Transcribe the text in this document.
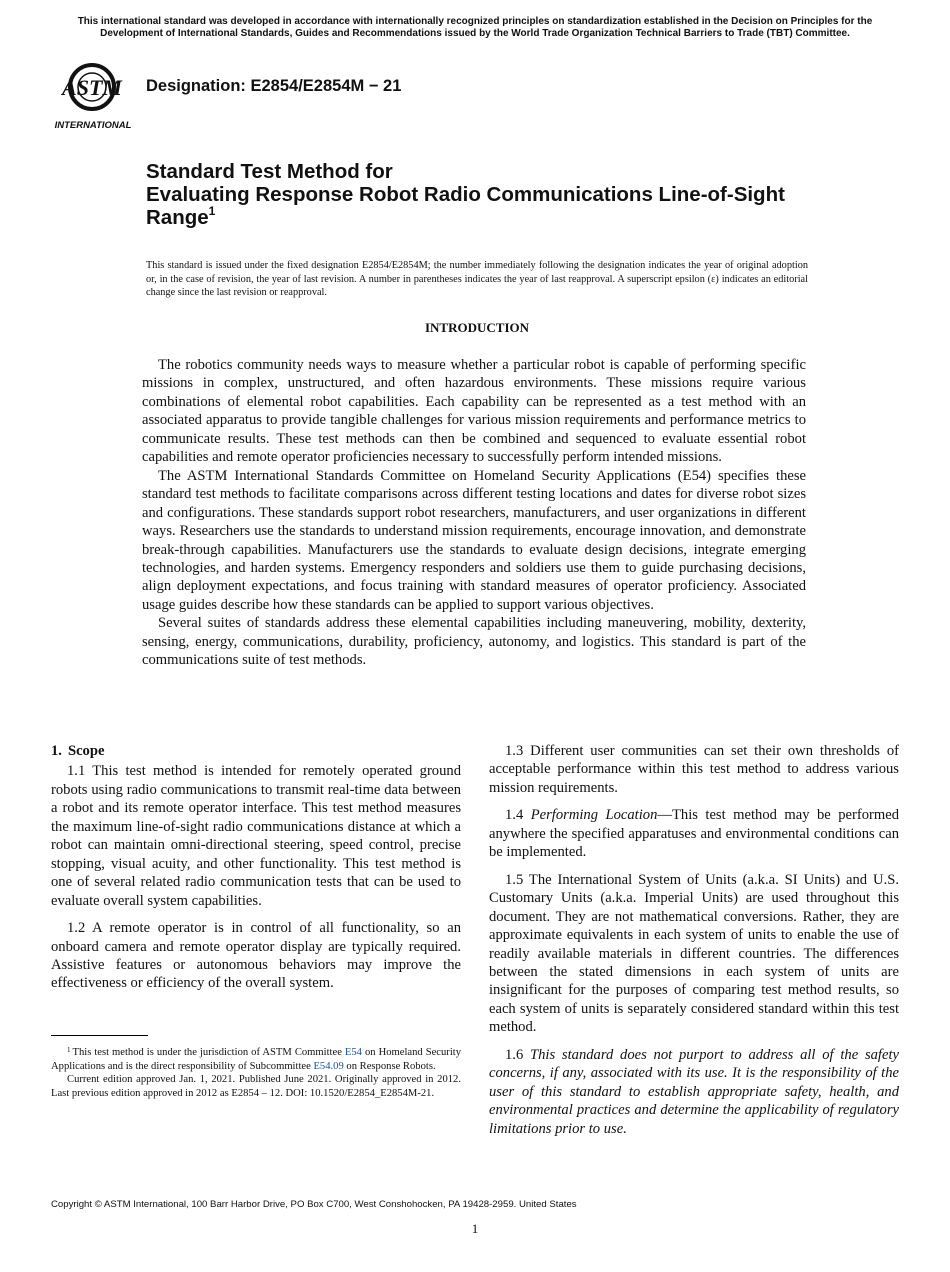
This international standard was developed in accordance with internationally recognized principles on standardization established in the Decision on Principles for the Development of International Standards, Guides and Recommendations issued by the World Trade Organization Technical Barriers to Trade (TBT) Committee.
ASTM
INTERNATIONAL
Designation: E2854/E2854M − 21
Standard Test Method for
Evaluating Response Robot Radio Communications Line-of-Sight Range$^1$
This standard is issued under the fixed designation E2854/E2854M; the number immediately following the designation indicates the year of original adoption or, in the case of revision, the year of last revision. A number in parentheses indicates the year of last reapproval. A superscript epsilon (ε) indicates an editorial change since the last revision or reapproval.
INTRODUCTION

The robotics community needs ways to measure whether a particular robot is capable of performing specific missions in complex, unstructured, and often hazardous environments. These missions require various combinations of elemental robot capabilities. Each capability can be represented as a test method with an associated apparatus to provide tangible challenges for various mission requirements and performance metrics to communicate results. These test methods can then be combined and sequenced to evaluate essential robot capabilities and remote operator proficiencies necessary to successfully perform intended missions.

The ASTM International Standards Committee on Homeland Security Applications (E54) specifies these standard test methods to facilitate comparisons across different testing locations and dates for diverse robot sizes and configurations. These standards support robot researchers, manufacturers, and user organizations in different ways. Researchers use the standards to understand mission requirements, encourage innovation, and demonstrate break-through capabilities. Manufacturers use the standards to evaluate design decisions, integrate emerging technologies, and harden systems. Emergency responders and soldiers use them to guide purchasing decisions, align deployment expectations, and focus training with standard measures of operator proficiency. Associated usage guides describe how these standards can be applied to support various objectives.

Several suites of standards address these elemental capabilities including maneuvering, mobility, dexterity, sensing, energy, communications, durability, proficiency, autonomy, and logistics. This standard is part of the communications suite of test methods.

1. Scope

1.1 This test method is intended for remotely operated ground robots using radio communications to transmit real-time data between a robot and its remote operator interface. This test method measures the maximum line-of-sight radio communications distance at which a robot can maintain omni-directional steering, speed control, precise stopping, visual acuity, and other functionality. This test method is one of several related radio communication tests that can be used to evaluate overall system capabilities.

1.2 A remote operator is in control of all functionality, so an onboard camera and remote operator display are typically required. Assistive features or autonomous behaviors may improve the effectiveness or efficiency of the overall system.

1.3 Different user communities can set their own thresholds of acceptable performance within this test method to address various mission requirements.

1.4 Performing Location—This test method may be performed anywhere the specified apparatuses and environmental conditions can be implemented.

1.5 The International System of Units (a.k.a. SI Units) and U.S. Customary Units (a.k.a. Imperial Units) are used throughout this document. They are not mathematical conversions. Rather, they are approximate equivalents in each system of units to enable the use of readily available materials in different countries. The differences between the stated dimensions in each system of units are insignificant for the purposes of comparing test method results, so each system of units is separately considered standard within this test method.

1.6 This standard does not purport to address all of the safety concerns, if any, associated with its use. It is the responsibility of the user of this standard to establish appropriate safety, health, and environmental practices and determine the applicability of regulatory limitations prior to use.

$^1$ This test method is under the jurisdiction of ASTM Committee E54 on Homeland Security Applications and is the direct responsibility of Subcommittee E54.09 on Response Robots.

Current edition approved Jan. 1, 2021. Published June 2021. Originally approved in 2012. Last previous edition approved in 2012 as E2854 – 12. DOI: 10.1520/E2854_E2854M-21.

Copyright © ASTM International, 100 Barr Harbor Drive, PO Box C700, West Conshohocken, PA 19428-2959. United States
1
